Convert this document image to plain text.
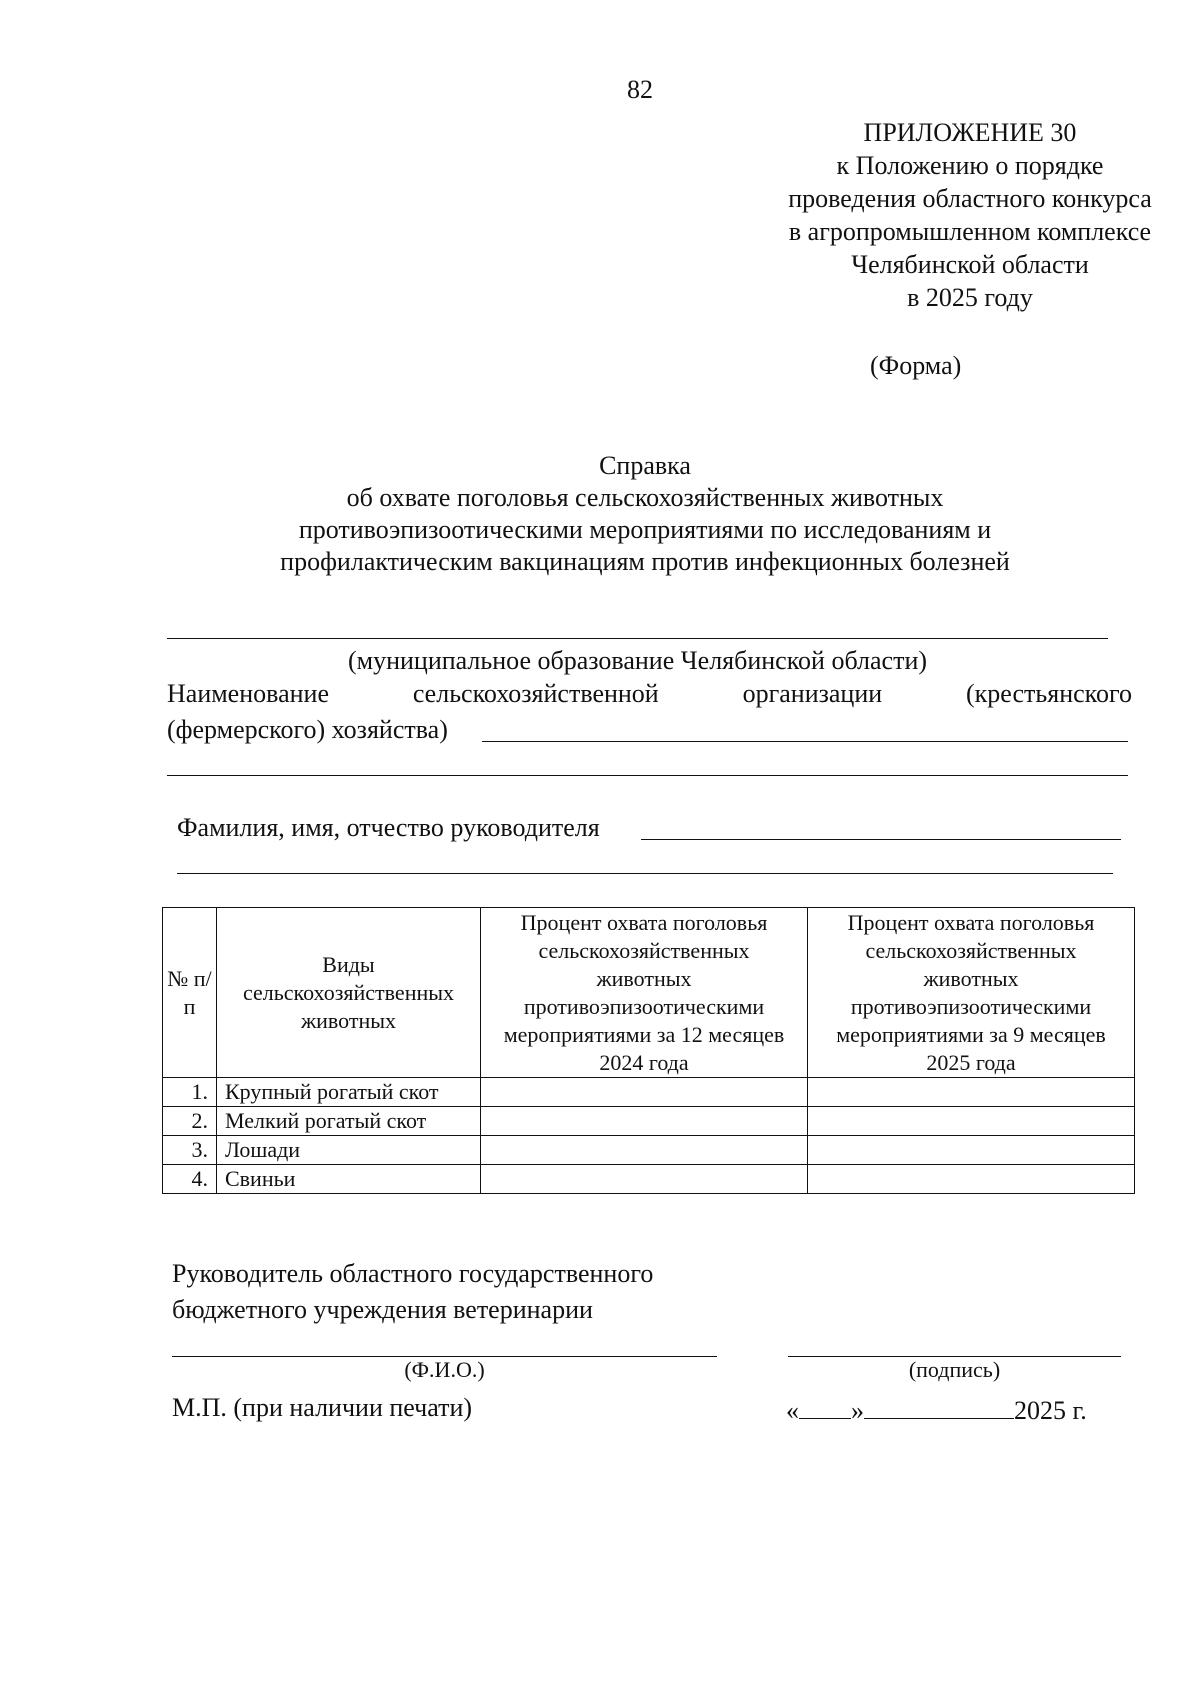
82
ПРИЛОЖЕНИЕ 30
к Положению о порядке
проведения областного конкурса
в агропромышленном комплексе
Челябинской области
в 2025 году
(Форма)
Справка
об охвате поголовья сельскохозяйственных животных
противоэпизоотическими мероприятиями по исследованиям и
профилактическим вакцинациям против инфекционных болезней
(муниципальное образование Челябинской области)
Наименование сельскохозяйственной организации (крестьянского
(фермерского) хозяйства)
Фамилия, имя, отчество руководителя
№ п/п	Виды сельскохозяйственных животных	Процент охвата поголовья сельскохозяйственных животных противоэпизоотическими мероприятиями за 12 месяцев 2024 года	Процент охвата поголовья сельскохозяйственных животных противоэпизоотическими мероприятиями за 9 месяцев 2025 года
1.	Крупный рогатый скот		
2.	Мелкий рогатый скот		
3.	Лошади		
4.	Свиньи		
Руководитель областного государственного
бюджетного учреждения ветеринарии
(Ф.И.О.)	(подпись)
М.П. (при наличии печати)	« »	2025 г.
